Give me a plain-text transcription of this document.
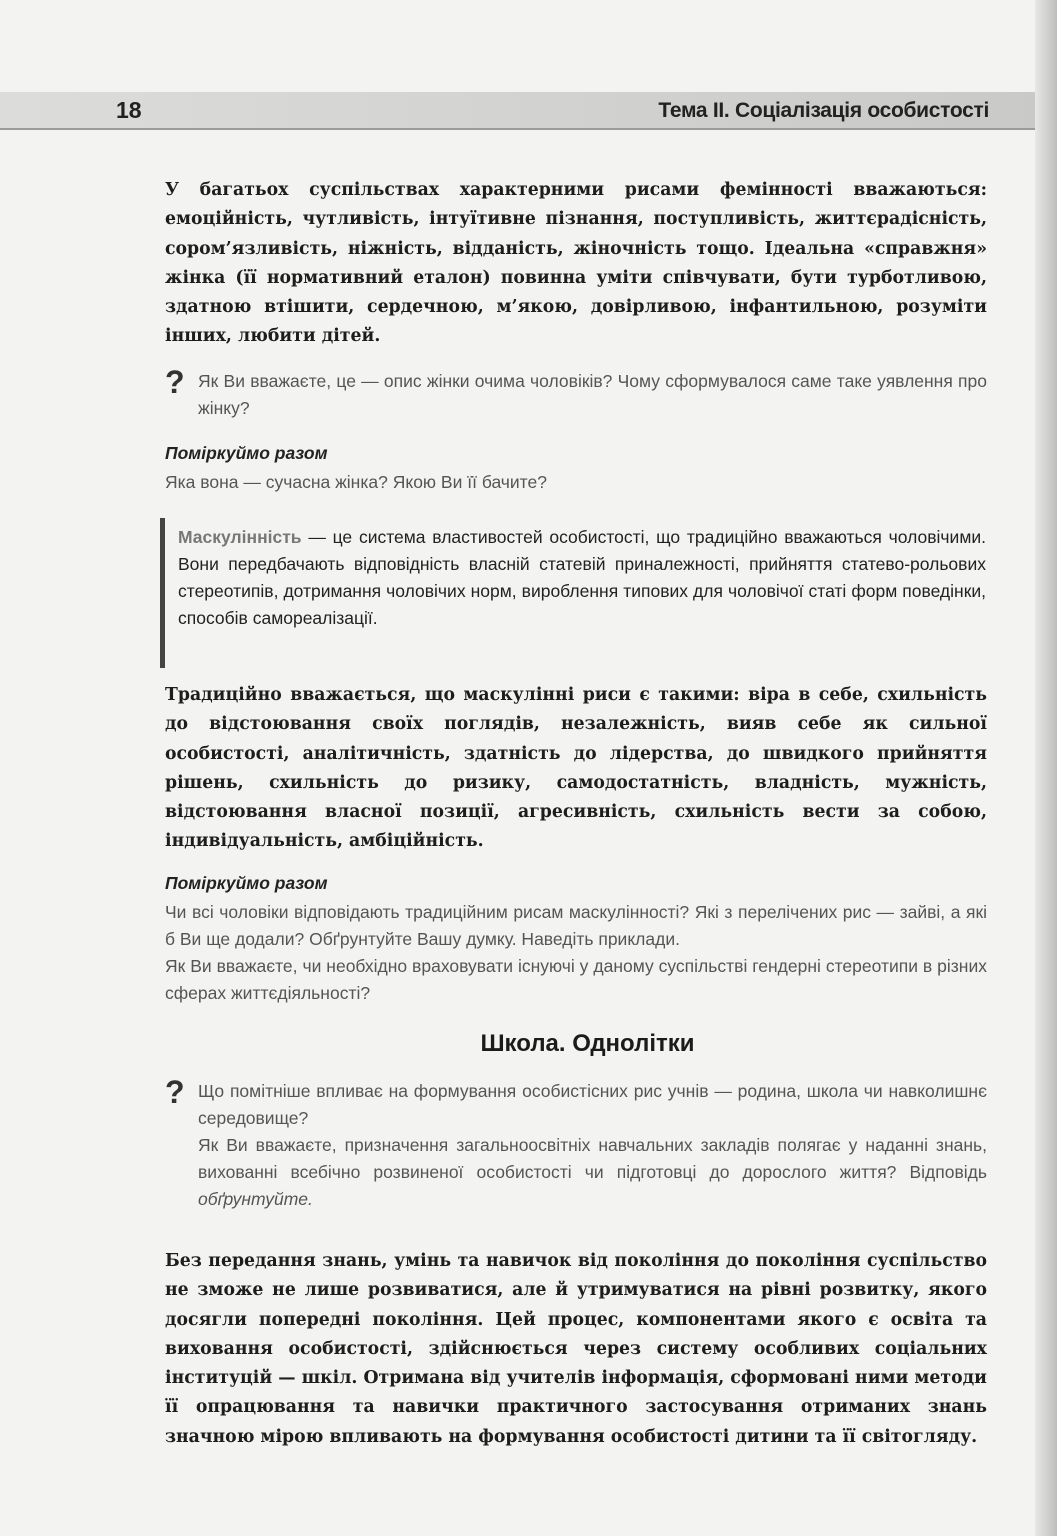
18	Тема ІІ. Соціалізація особистості

У багатьох суспільствах характерними рисами фемінності вважаються: емоційність, чутливість, інтуїтивне пізнання, поступливість, життєрадісність, сором’язливість, ніжність, відданість, жіночність тощо. Ідеальна «справжня» жінка (її нормативний еталон) повинна уміти співчувати, бути турботливою, здатною втішити, сердечною, м’якою, довірливою, інфантильною, розуміти інших, любити дітей.

? Як Ви вважаєте, це — опис жінки очима чоловіків? Чому сформувалося саме таке уявлення про жінку?

Поміркуймо разом

Яка вона — сучасна жінка? Якою Ви її бачите?

Маскулінність — це система властивостей особистості, що традиційно вважаються чоловічими. Вони передбачають відповідність власній статевій приналежності, прийняття статево-рольових стереотипів, дотримання чоловічих норм, вироблення типових для чоловічої статі форм поведінки, способів самореалізації.

Традиційно вважається, що маскулінні риси є такими: віра в себе, схильність до відстоювання своїх поглядів, незалежність, вияв себе як сильної особистості, аналітичність, здатність до лідерства, до швидкого прийняття рішень, схильність до ризику, самодостатність, владність, мужність, відстоювання власної позиції, агресивність, схильність вести за собою, індивідуальність, амбіційність.

Поміркуймо разом

Чи всі чоловіки відповідають традиційним рисам маскулінності? Які з перелічених рис — зайві, а які б Ви ще додали? Обґрунтуйте Вашу думку. Наведіть приклади.

Як Ви вважаєте, чи необхідно враховувати існуючі у даному суспільстві гендерні стереотипи в різних сферах життєдіяльності?

Школа. Однолітки
? Що помітніше впливає на формування особистісних рис учнів — родина, школа чи навколишнє середовище?

Як Ви вважаєте, призначення загальноосвітніх навчальних закладів полягає у наданні знань, вихованні всебічно розвиненої особистості чи підготовці до дорослого життя? Відповідь обґрунтуйте.

Без передання знань, умінь та навичок від покоління до покоління суспільство не зможе не лише розвиватися, але й утримуватися на рівні розвитку, якого досягли попередні покоління. Цей процес, компонентами якого є освіта та виховання особистості, здійснюється через систему особливих соціальних інституцій — шкіл. Отримана від учителів інформація, сформовані ними методи її опрацювання та навички практичного застосування отриманих знань значною мірою впливають на формування особистості дитини та її світогляду.
